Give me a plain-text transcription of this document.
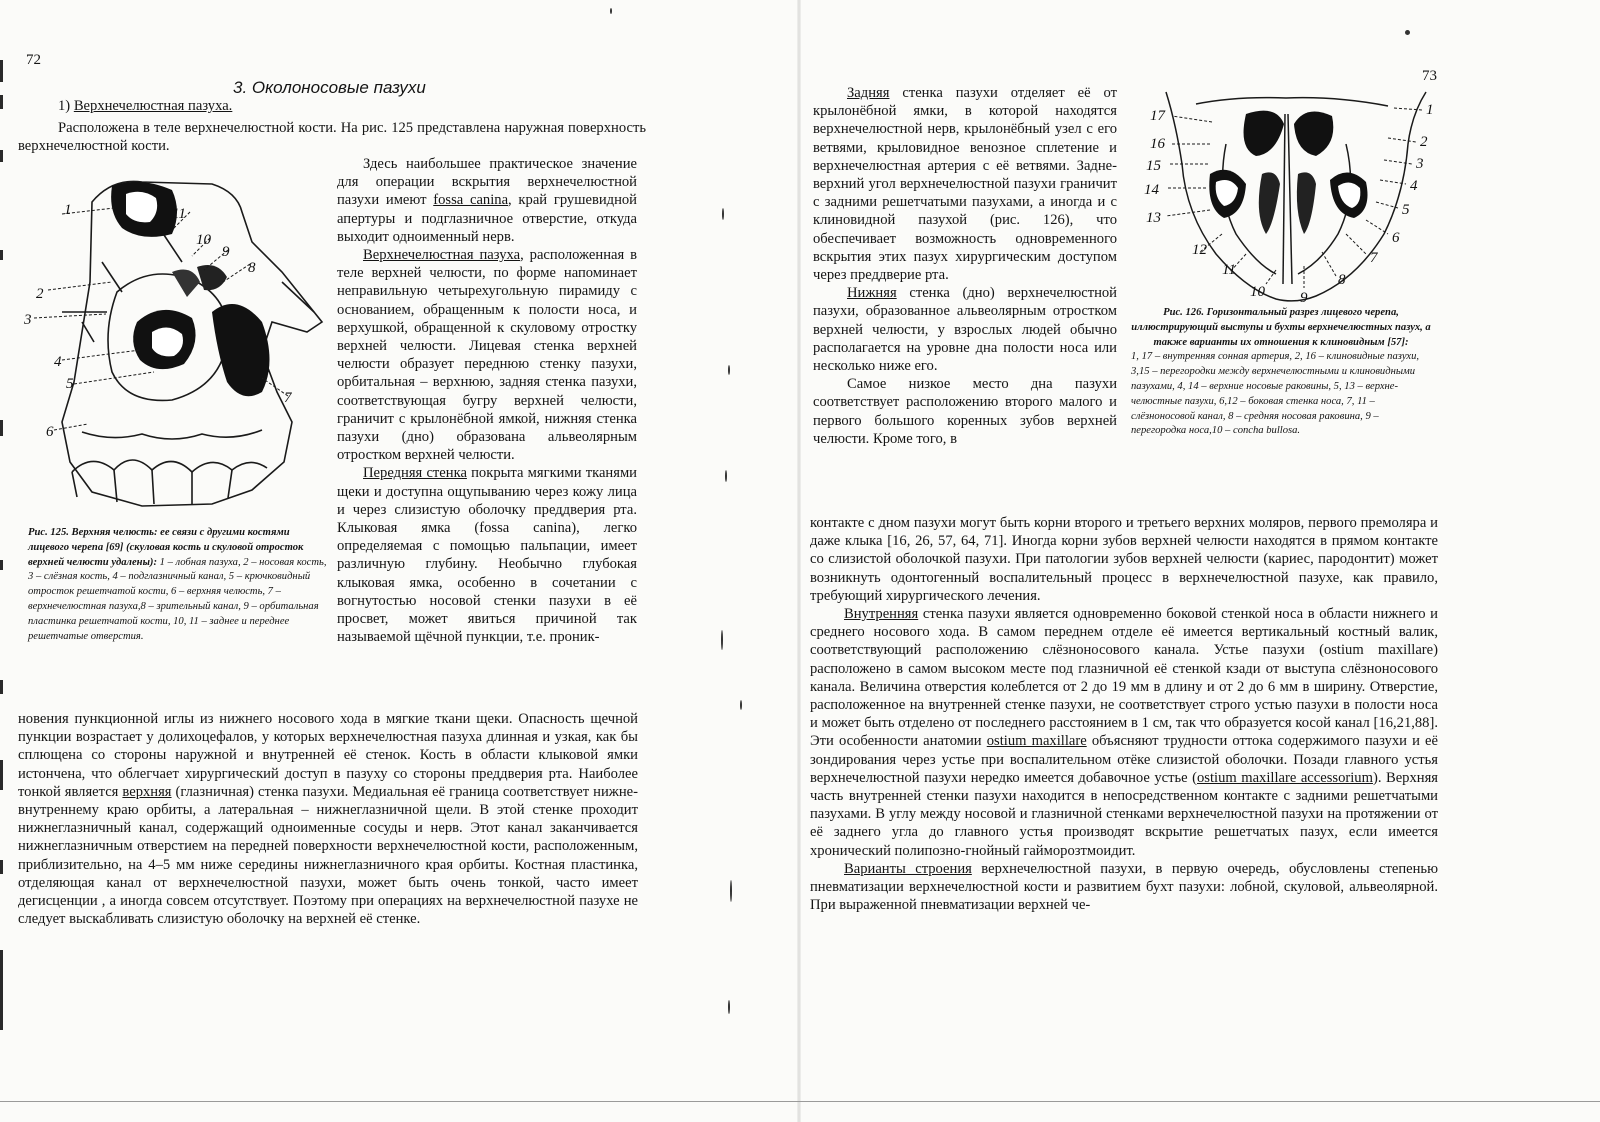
72
3. Околоносовые пазухи
1) Верхнечелюстная пазуха.

Расположена в теле верхнечелюстной кости. На рис. 125 представлена наружная поверхность верхнечелюстной кости.

1
2
3
4
5
6
7
8
9
10
11
Рис. 125. Верхняя челюсть: ее связи с другими костями лицевого черепа [69] (скуловая кость и скуловой отросток верхней челюсти удалены): 1 – лобная пазуха, 2 – носовая кость, 3 – слёзная кость, 4 – подглазничный канал, 5 – крючковидный отросток решетчатой кости, 6 – верхняя челюсть, 7 – верхнечелюстная пазуха,8 – зрительный канал, 9 – орбитальная пластинка решетчатой кости, 10, 11 – заднее и переднее решетчатые отверстия.

Здесь наибольшее практическое значение для операции вскрытия верхнечелюстной пазухи имеют fossa canina, край грушевидной апертуры и подглазничное отверстие, откуда выходит одноименный нерв.

Верхнечелюстная пазуха, расположенная в теле верхней челюсти, по форме напоминает неправильную четырехугольную пирамиду с основанием, обращенным к полости носа, и верхушкой, обращенной к скуловому отростку верхней челюсти. Лицевая стенка верхней челюсти образует переднюю стенку пазухи, орбитальная – верхнюю, задняя стенка пазухи, соответствующая бугру верхней челюсти, граничит с крылонёбной ямкой, нижняя стенка пазухи (дно) образована альвеолярным отростком верхней челюсти.

Передняя стенка покрыта мягкими тканями щеки и доступна ощупыванию через кожу лица и через слизистую оболочку преддверия рта. Клыковая ямка (fossa canina), легко определяемая с помощью пальпации, имеет различную глубину. Необычно глубокая клыковая ямка, особенно в сочетании с вогнутостью носовой стенки пазухи в её просвет, может явиться причиной так называемой щёчной пункции, т.е. проник-

новения пункционной иглы из нижнего носового хода в мягкие ткани щеки. Опасность щечной пункции возрастает у долихоцефалов, у которых верхнечелюстная пазуха длинная и узкая, как бы сплющена со стороны наружной и внутренней её стенок. Кость в области клыковой ямки истончена, что облегчает хирургический доступ в пазуху со стороны преддверия рта. Наиболее тонкой является верхняя (глазничная) стенка пазухи. Медиальная её граница соответствует нижне-внутреннему краю орбиты, а латеральная – нижнеглазничной щели. В этой стенке проходит нижнеглазничный канал, содержащий одноименные сосуды и нерв. Этот канал заканчивается нижнеглазничным отверстием на передней поверхности верхнечелюстной кости, расположенным, приблизительно, на 4–5 мм ниже середины нижнеглазничного края орбиты. Костная пластинка, отделяющая канал от верхнечелюстной пазухи, может быть очень тонкой, часто имеет дегисценции , а иногда совсем отсутствует. Поэтому при операциях на верхнечелюстной пазухе не следует выскабливать слизистую оболочку на верхней её стенке.

73

Задняя стенка пазухи отделяет её от крылонёбной ямки, в которой находятся верхнечелюстной нерв, крылонёбный узел с его ветвями, крыловидное венозное сплетение и верхнечелюстная артерия с её ветвями. Задне-верхний угол верхнечелюстной пазухи граничит с задними решетчатыми пазухами, а иногда и с клиновидной пазухой (рис. 126), что обеспечивает возможность одновременного вскрытия этих пазух хирургическим доступом через преддверие рта.

Нижняя стенка (дно) верхнечелюстной пазухи, образованное альвеолярным отростком верхней челюсти, у взрослых людей обычно располагается на уровне дна полости носа или несколько ниже его.

Самое низкое место дна пазухи соответствует расположению второго малого и первого большого коренных зубов верхней челюсти. Кроме того, в

1
2
3
4
5
6
7
8
9
10
11
12
13
14
15
16
17
Рис. 126. Горизонтальный разрез лицевого черепа, иллюстрирующий выступы и бухты верхнечелюстных пазух, а также варианты их отношения к клиновидным [57]:
1, 17 – внутренняя сонная артерия, 2, 16 – клиновидные пазухи, 3,15 – перегородки между верхнечелюстными и клиновидными пазухами, 4, 14 – верхние носовые раковины, 5, 13 – верхне-челюстные пазухи, 6,12 – боковая стенка носа, 7, 11 – слёзноносовой канал, 8 – средняя носовая раковина, 9 – перегородка носа,10 – concha bullosa.

контакте с дном пазухи могут быть корни второго и третьего верхних моляров, первого премоляра и даже клыка [16, 26, 57, 64, 71]. Иногда корни зубов верхней челюсти находятся в прямом контакте со слизистой оболочкой пазухи. При патологии зубов верхней челюсти (кариес, пародонтит) может возникнуть одонтогенный воспалительный процесс в верхнечелюстной пазухе, как правило, требующий хирургического лечения.

Внутренняя стенка пазухи является одновременно боковой стенкой носа в области нижнего и среднего носового хода. В самом переднем отделе её имеется вертикальный костный валик, соответствующий расположению слёзноносового канала. Устье пазухи (ostium maxillare) расположено в самом высоком месте под глазничной её стенкой кзади от выступа слёзноносового канала. Величина отверстия колеблется от 2 до 19 мм в длину и от 2 до 6 мм в ширину. Отверстие, расположенное на внутренней стенке пазухи, не соответствует строго устью пазухи в полости носа и может быть отделено от последнего расстоянием в 1 см, так что образуется косой канал [16,21,88]. Эти особенности анатомии ostium maxillare объясняют трудности оттока содержимого пазухи и её зондирования через устье при воспалительном отёке слизистой оболочки. Позади главного устья верхнечелюстной пазухи нередко имеется добавочное устье (ostium maxillare accessorium). Верхняя часть внутренней стенки пазухи находится в непосредственном контакте с задними решетчатыми пазухами. В углу между носовой и глазничной стенками верхнечелюстной пазухи на протяжении от её заднего угла до главного устья производят вскрытие решетчатых пазух, если имеется хронический полипозно-гнойный гайморозтмоидит.

Варианты строения верхнечелюстной пазухи, в первую очередь, обусловлены степенью пневматизации верхнечелюстной кости и развитием бухт пазухи: лобной, скуловой, альвеолярной. При выраженной пневматизации верхней че-
